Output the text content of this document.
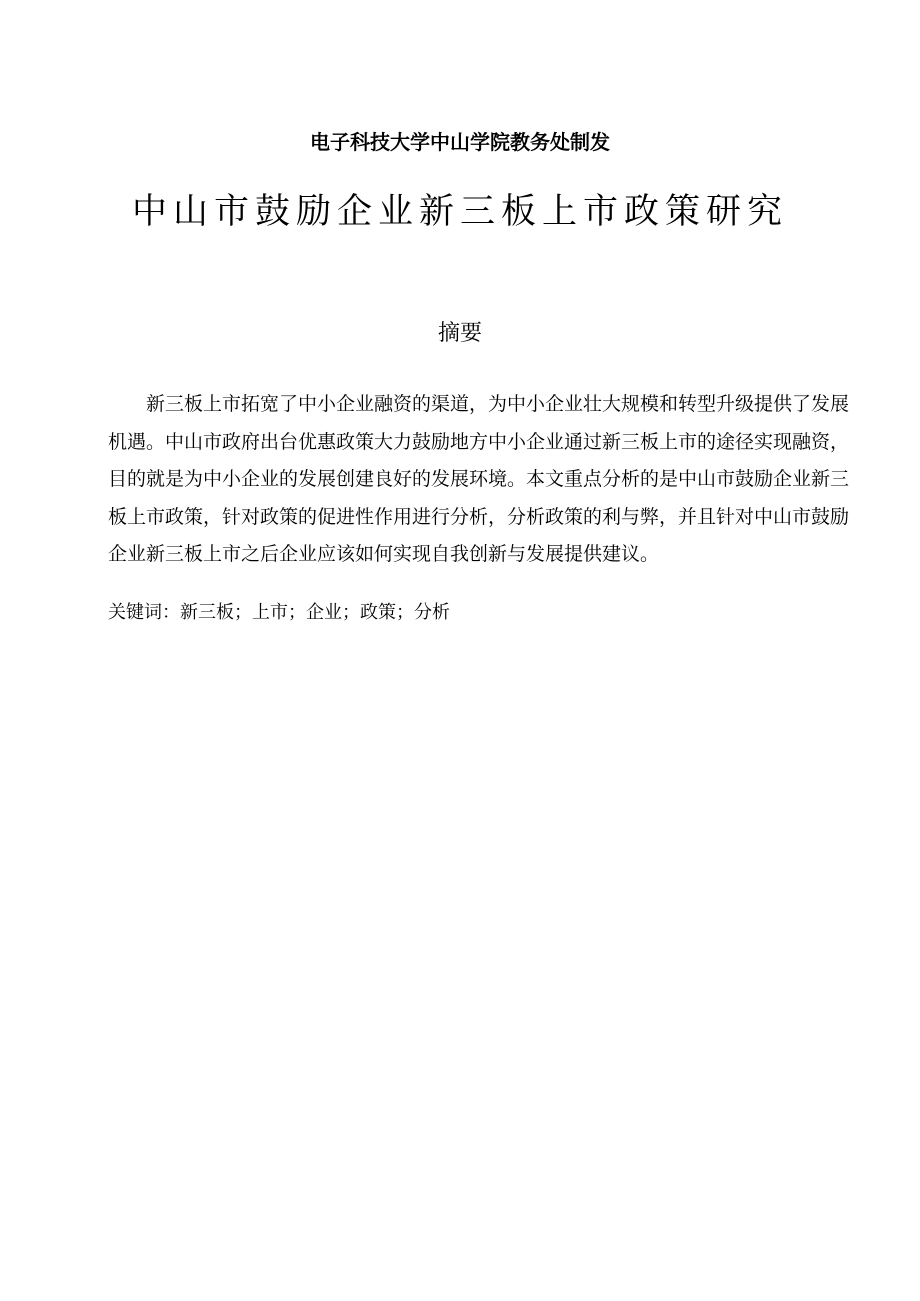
电子科技大学中山学院教务处制发
中山市鼓励企业新三板上市政策研究
摘要
新三板上市拓宽了中小企业融资的渠道，为中小企业壮大规模和转型升级提供了发展
机遇。中山市政府出台优惠政策大力鼓励地方中小企业通过新三板上市的途径实现融资，
目的就是为中小企业的发展创建良好的发展环境。本文重点分析的是中山市鼓励企业新三
板上市政策，针对政策的促进性作用进行分析，分析政策的利与弊，并且针对中山市鼓励
企业新三板上市之后企业应该如何实现自我创新与发展提供建议。
关键词：新三板；上市；企业；政策；分析
